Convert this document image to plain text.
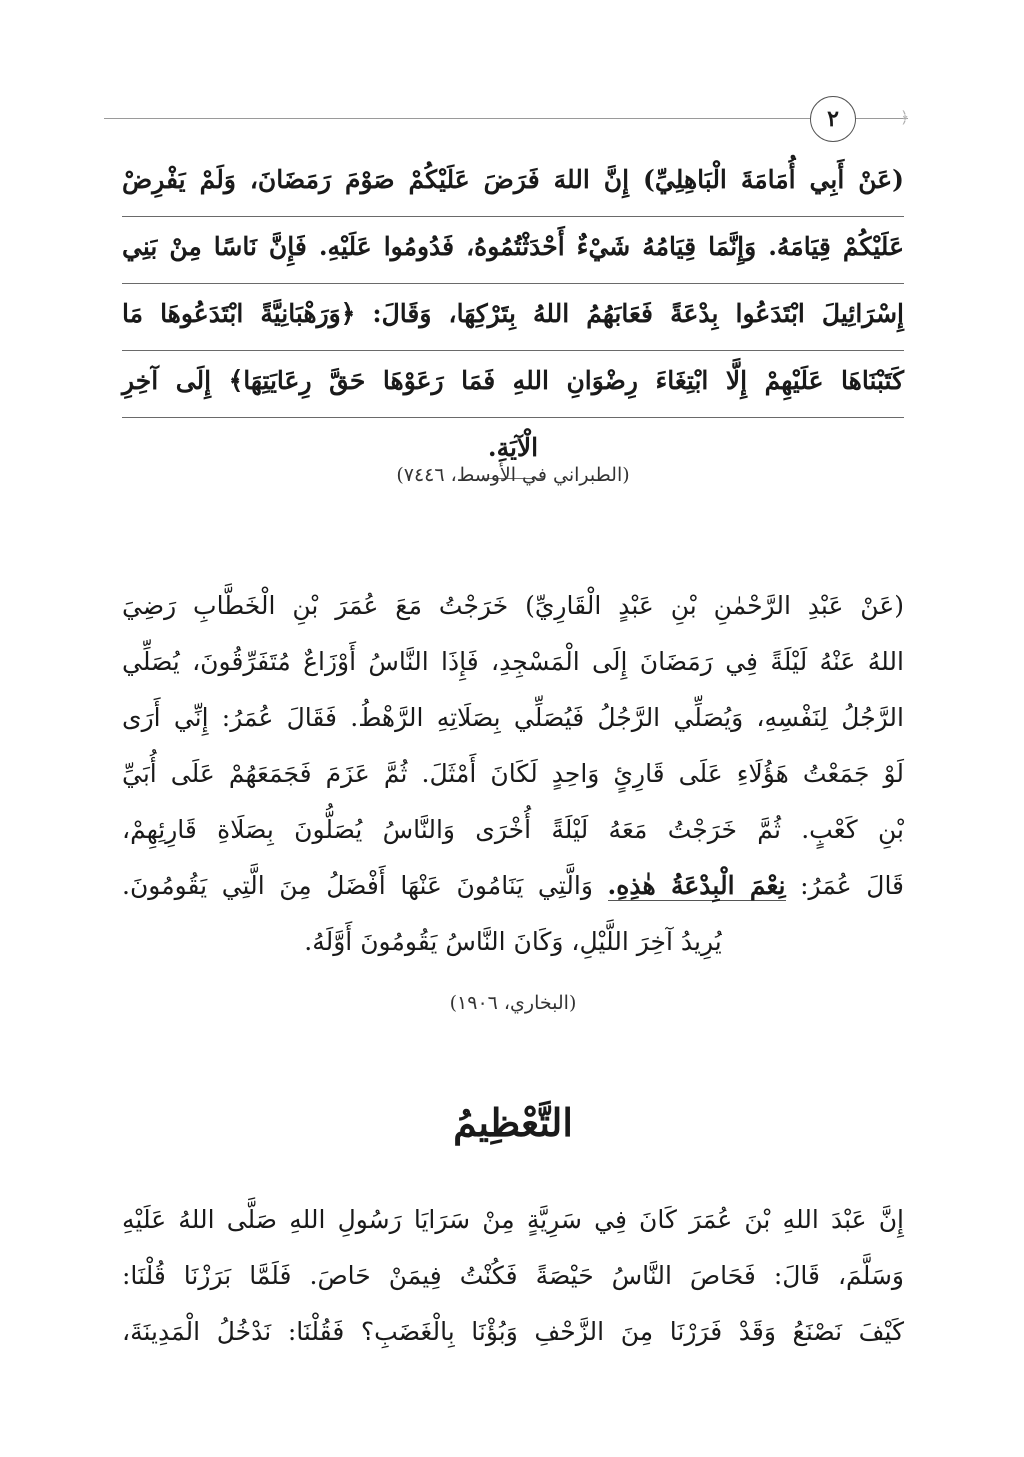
﴿
٢
(عَنْ أَبِي أُمَامَةَ الْبَاهِلِيِّ) إِنَّ اللهَ فَرَضَ عَلَيْكُمْ صَوْمَ رَمَضَانَ، وَلَمْ يَفْرِضْ
عَلَيْكُمْ قِيَامَهُ. وَإِنَّمَا قِيَامُهُ شَيْءٌ أَحْدَثْتُمُوهُ، فَدُومُوا عَلَيْهِ. فَإِنَّ نَاسًا مِنْ بَنِي
إِسْرَائِيلَ ابْتَدَعُوا بِدْعَةً فَعَابَهُمُ اللهُ بِتَرْكِهَا، وَقَالَ: ﴿وَرَهْبَانِيَّةً ابْتَدَعُوهَا مَا
كَتَبْنَاهَا عَلَيْهِمْ إِلَّا ابْتِغَاءَ رِضْوَانِ اللهِ فَمَا رَعَوْهَا حَقَّ رِعَايَتِهَا﴾ إِلَى آخِرِ
الْآيَةِ.
(الطبراني في الأوسط، ٧٤٤٦)
(عَنْ عَبْدِ الرَّحْمٰنِ بْنِ عَبْدٍ الْقَارِيِّ) خَرَجْتُ مَعَ عُمَرَ بْنِ الْخَطَّابِ رَضِيَ
اللهُ عَنْهُ لَيْلَةً فِي رَمَضَانَ إِلَى الْمَسْجِدِ، فَإِذَا النَّاسُ أَوْزَاعٌ مُتَفَرِّقُونَ، يُصَلِّي
الرَّجُلُ لِنَفْسِهِ، وَيُصَلِّي الرَّجُلُ فَيُصَلِّي بِصَلَاتِهِ الرَّهْطُ. فَقَالَ عُمَرُ: إِنِّي أَرَى
لَوْ جَمَعْتُ هَؤُلَاءِ عَلَى قَارِئٍ وَاحِدٍ لَكَانَ أَمْثَلَ. ثُمَّ عَزَمَ فَجَمَعَهُمْ عَلَى أُبَيِّ
بْنِ كَعْبٍ. ثُمَّ خَرَجْتُ مَعَهُ لَيْلَةً أُخْرَى وَالنَّاسُ يُصَلُّونَ بِصَلَاةِ قَارِئِهِمْ،
قَالَ عُمَرُ: نِعْمَ الْبِدْعَةُ هٰذِهِ. وَالَّتِي يَنَامُونَ عَنْهَا أَفْضَلُ مِنَ الَّتِي يَقُومُونَ.
يُرِيدُ آخِرَ اللَّيْلِ، وَكَانَ النَّاسُ يَقُومُونَ أَوَّلَهُ.
(البخاري، ١٩٠٦)
التَّعْظِيمُ
إِنَّ عَبْدَ اللهِ بْنَ عُمَرَ كَانَ فِي سَرِيَّةٍ مِنْ سَرَايَا رَسُولِ اللهِ صَلَّى اللهُ عَلَيْهِ
وَسَلَّمَ، قَالَ: فَحَاصَ النَّاسُ حَيْصَةً فَكُنْتُ فِيمَنْ حَاصَ. فَلَمَّا بَرَزْنَا قُلْنَا:
كَيْفَ نَصْنَعُ وَقَدْ فَرَرْنَا مِنَ الزَّحْفِ وَبُؤْنَا بِالْغَضَبِ؟ فَقُلْنَا: نَدْخُلُ الْمَدِينَةَ،
